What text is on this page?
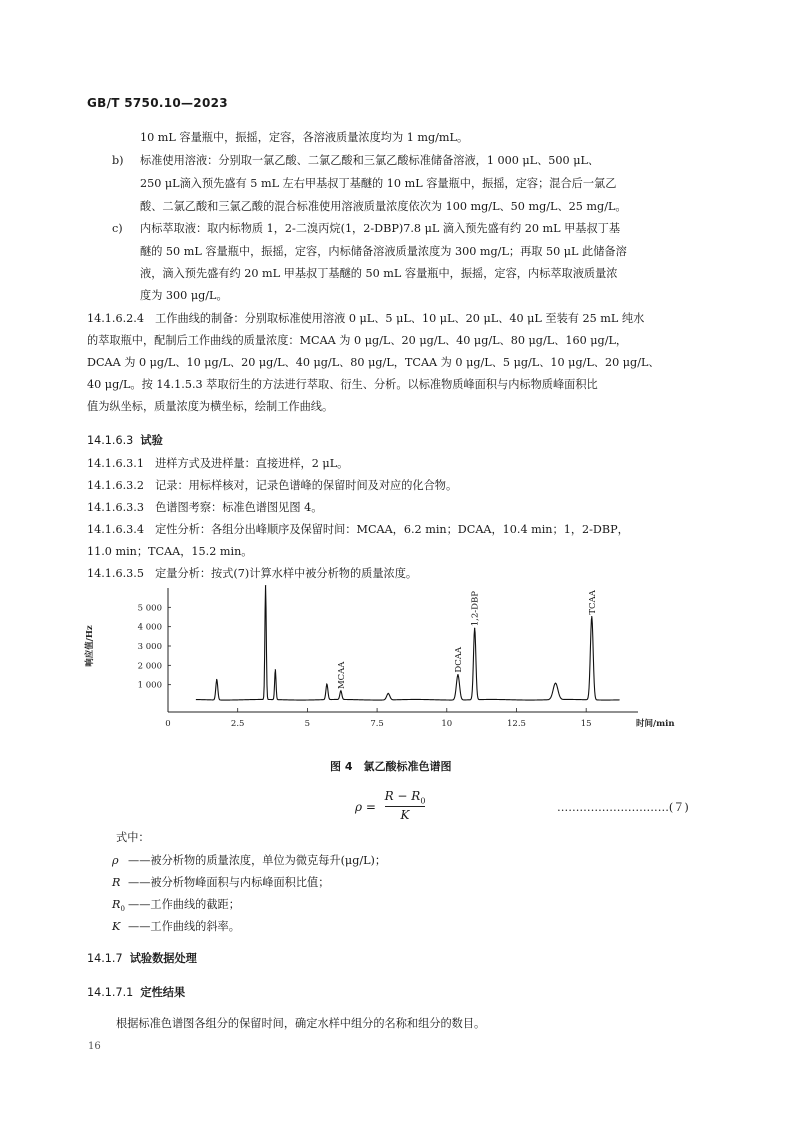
GB/T 5750.10—2023
10 mL 容量瓶中，振摇，定容，各溶液质量浓度均为 1 mg/mL。
b) 标准使用溶液：分别取一氯乙酸、二氯乙酸和三氯乙酸标准储备溶液，1 000 μL、500 μL、
250 μL滴入预先盛有 5 mL 左右甲基叔丁基醚的 10 mL 容量瓶中，振摇，定容；混合后一氯乙
酸、二氯乙酸和三氯乙酸的混合标准使用溶液质量浓度依次为 100 mg/L、50 mg/L、25 mg/L。
c) 内标萃取液：取内标物质 1，2-二溴丙烷(1，2-DBP)7.8 μL 滴入预先盛有约 20 mL 甲基叔丁基
醚的 50 mL 容量瓶中，振摇，定容，内标储备溶液质量浓度为 300 mg/L；再取 50 μL 此储备溶
液，滴入预先盛有约 20 mL 甲基叔丁基醚的 50 mL 容量瓶中，振摇，定容，内标萃取液质量浓
度为 300 μg/L。
14.1.6.2.4　工作曲线的制备：分别取标准使用溶液 0 μL、5 μL、10 μL、20 μL、40 μL 至装有 25 mL 纯水
的萃取瓶中，配制后工作曲线的质量浓度：MCAA 为 0 μg/L、20 μg/L、40 μg/L、80 μg/L、160 μg/L，
DCAA 为 0 μg/L、10 μg/L、20 μg/L、40 μg/L、80 μg/L，TCAA 为 0 μg/L、5 μg/L、10 μg/L、20 μg/L、
40 μg/L。按 14.1.5.3 萃取衍生的方法进行萃取、衍生、分析。以标准物质峰面积与内标物质峰面积比
值为纵坐标，质量浓度为横坐标，绘制工作曲线。
14.1.6.3 试验
14.1.6.3.1　进样方式及进样量：直接进样，2 μL。
14.1.6.3.2　记录：用标样核对，记录色谱峰的保留时间及对应的化合物。
14.1.6.3.3　色谱图考察：标准色谱图见图 4。
14.1.6.3.4　定性分析：各组分出峰顺序及保留时间：MCAA，6.2 min；DCAA，10.4 min；1，2-DBP，
11.0 min；TCAA，15.2 min。
14.1.6.3.5　定量分析：按式(7)计算水样中被分析物的质量浓度。
1 000
2 000
3 000
4 000
5 000
0	2.5	5	7.5	10	12.5	15
响应值/Hz
时间/min
MCAA
DCAA
1,2-DBP	TCAA
图 4　氯乙酸标准色谱图
ρ =
$R - R_0$
K
…………………………(７)
式中：
ρ ——被分析物的质量浓度，单位为微克每升(μg/L)；
R ——被分析物峰面积与内标峰面积比值；
$R_0$ ——工作曲线的截距；
K ——工作曲线的斜率。
14.1.7 试验数据处理
14.1.7.1 定性结果
根据标准色谱图各组分的保留时间，确定水样中组分的名称和组分的数目。
16
